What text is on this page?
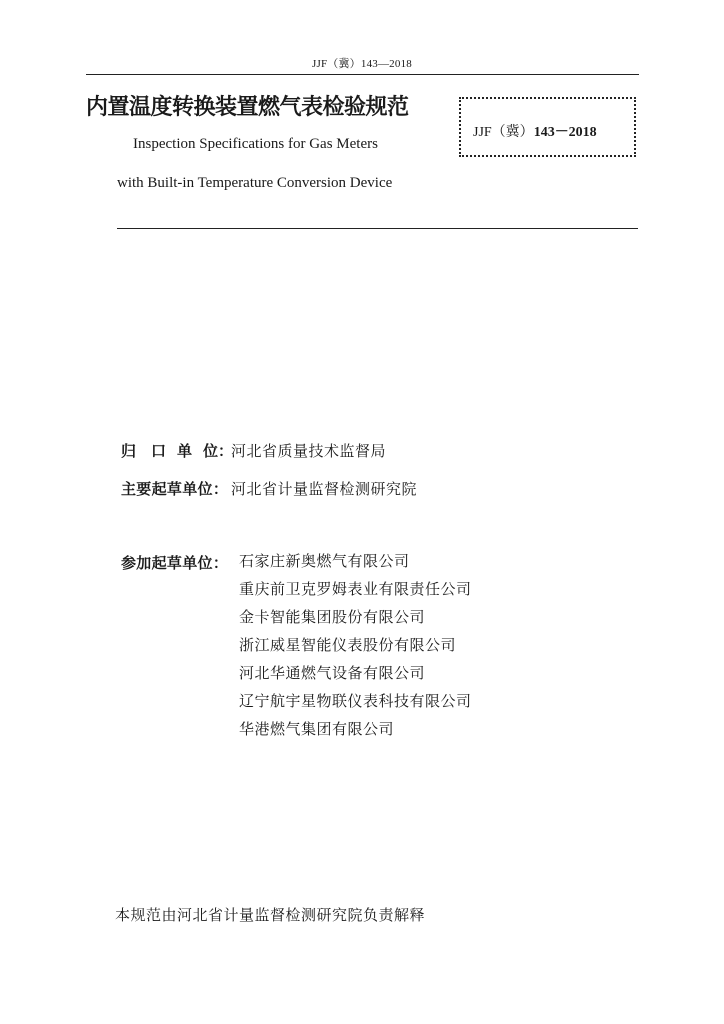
JJF（冀）143—2018
内置温度转换装置燃气表检验规范
JJF（冀）143－2018
Inspection Specifications for Gas Meters
with Built-in Temperature Conversion Device
归 口 单 位：
河北省质量技术监督局
主要起草单位： 河北省计量监督检测研究院
参加起草单位： 石家庄新奥燃气有限公司
重庆前卫克罗姆表业有限责任公司
金卡智能集团股份有限公司
浙江威星智能仪表股份有限公司
河北华通燃气设备有限公司
辽宁航宇星物联仪表科技有限公司
华港燃气集团有限公司
本规范由河北省计量监督检测研究院负责解释
